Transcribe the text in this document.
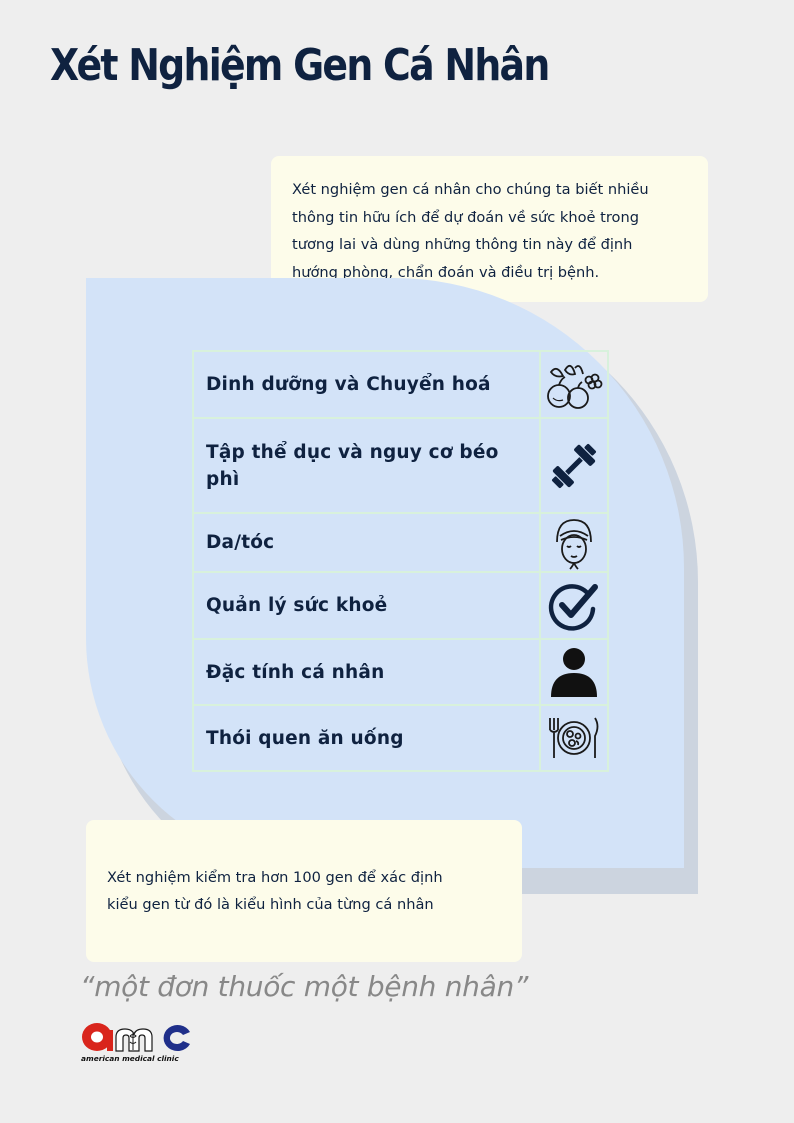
Xét Nghiệm Gen Cá Nhân
Xét nghiệm gen cá nhân cho chúng ta biết nhiều
thông tin hữu ích để dự đoán về sức khoẻ trong
tương lai và dùng những thông tin này để định
hướng phòng, chẩn đoán và điều trị bệnh.
Dinh dưỡng và Chuyển hoá	

Tập thể dục và nguy cơ béo phì	

Da/tóc	

Quản lý sức khoẻ	

Đặc tính cá nhân	

Thói quen ăn uống	
Xét nghiệm kiểm tra hơn 100 gen để xác định
kiểu gen từ đó là kiểu hình của từng cá nhân

“một đơn thuốc một bệnh nhân”

american medical clinic
